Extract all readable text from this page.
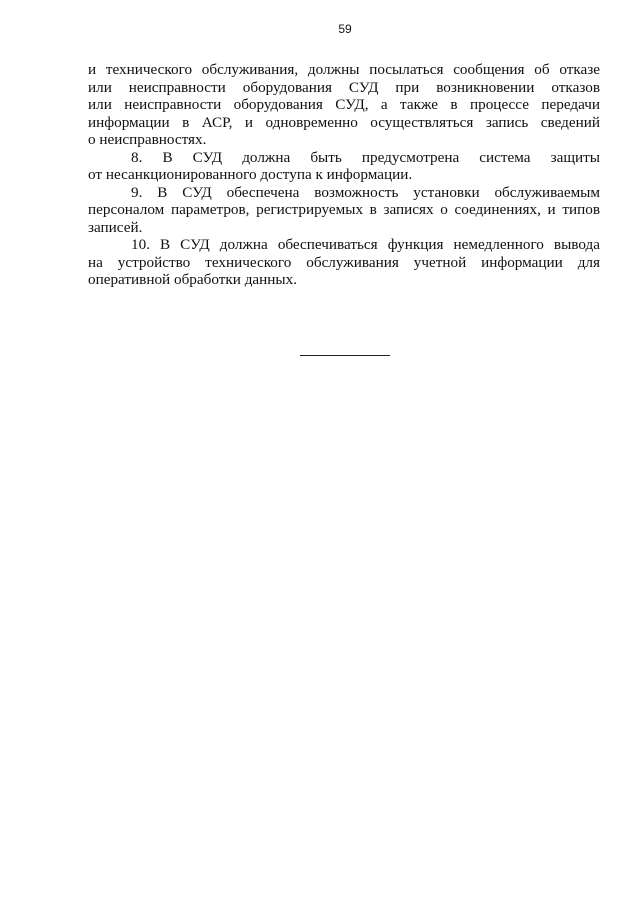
59
и технического обслуживания, должны посылаться сообщения об отказе
или неисправности оборудования СУД при возникновении отказов
или неисправности оборудования СУД, а также в процессе передачи
информации в АСР, и одновременно осуществляться запись сведений
о неисправностях.
8. В СУД должна быть предусмотрена система защиты
от несанкционированного доступа к информации.
9. В СУД обеспечена возможность установки обслуживаемым
персоналом параметров, регистрируемых в записях о соединениях, и типов
записей.
10. В СУД должна обеспечиваться функция немедленного вывода
на устройство технического обслуживания учетной информации для
оперативной обработки данных.
